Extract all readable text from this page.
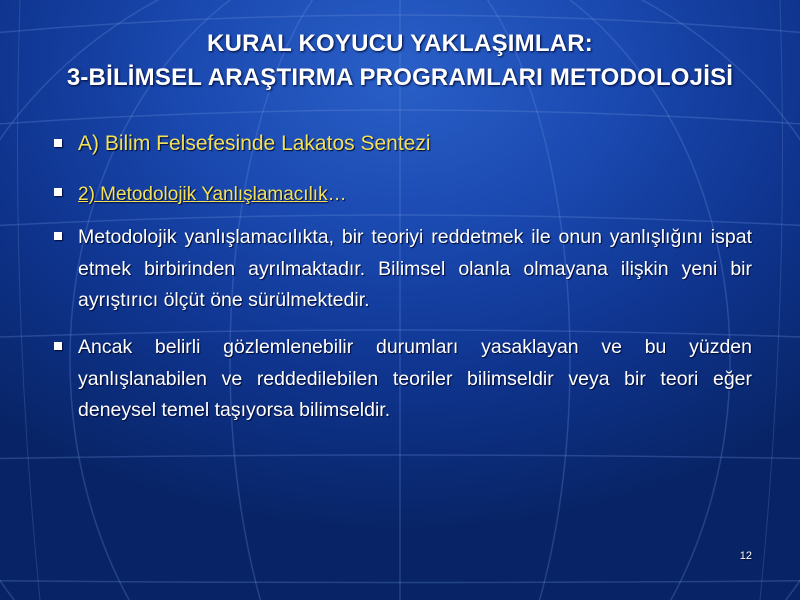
KURAL KOYUCU YAKLAŞIMLAR:
3-BİLİMSEL ARAŞTIRMA PROGRAMLARI METODOLOJİSİ
A) Bilim Felsefesinde Lakatos Sentezi
2) Metodolojik Yanlışlamacılık…
Metodolojik yanlışlamacılıkta, bir teoriyi reddetmek ile onun yanlışlığını ispat etmek birbirinden ayrılmaktadır. Bilimsel olanla olmayana ilişkin yeni bir ayrıştırıcı ölçüt öne sürülmektedir.
Ancak belirli gözlemlenebilir durumları yasaklayan ve bu yüzden yanlışlanabilen ve reddedilebilen teoriler bilimseldir veya bir teori eğer deneysel temel taşıyorsa bilimseldir.
12
